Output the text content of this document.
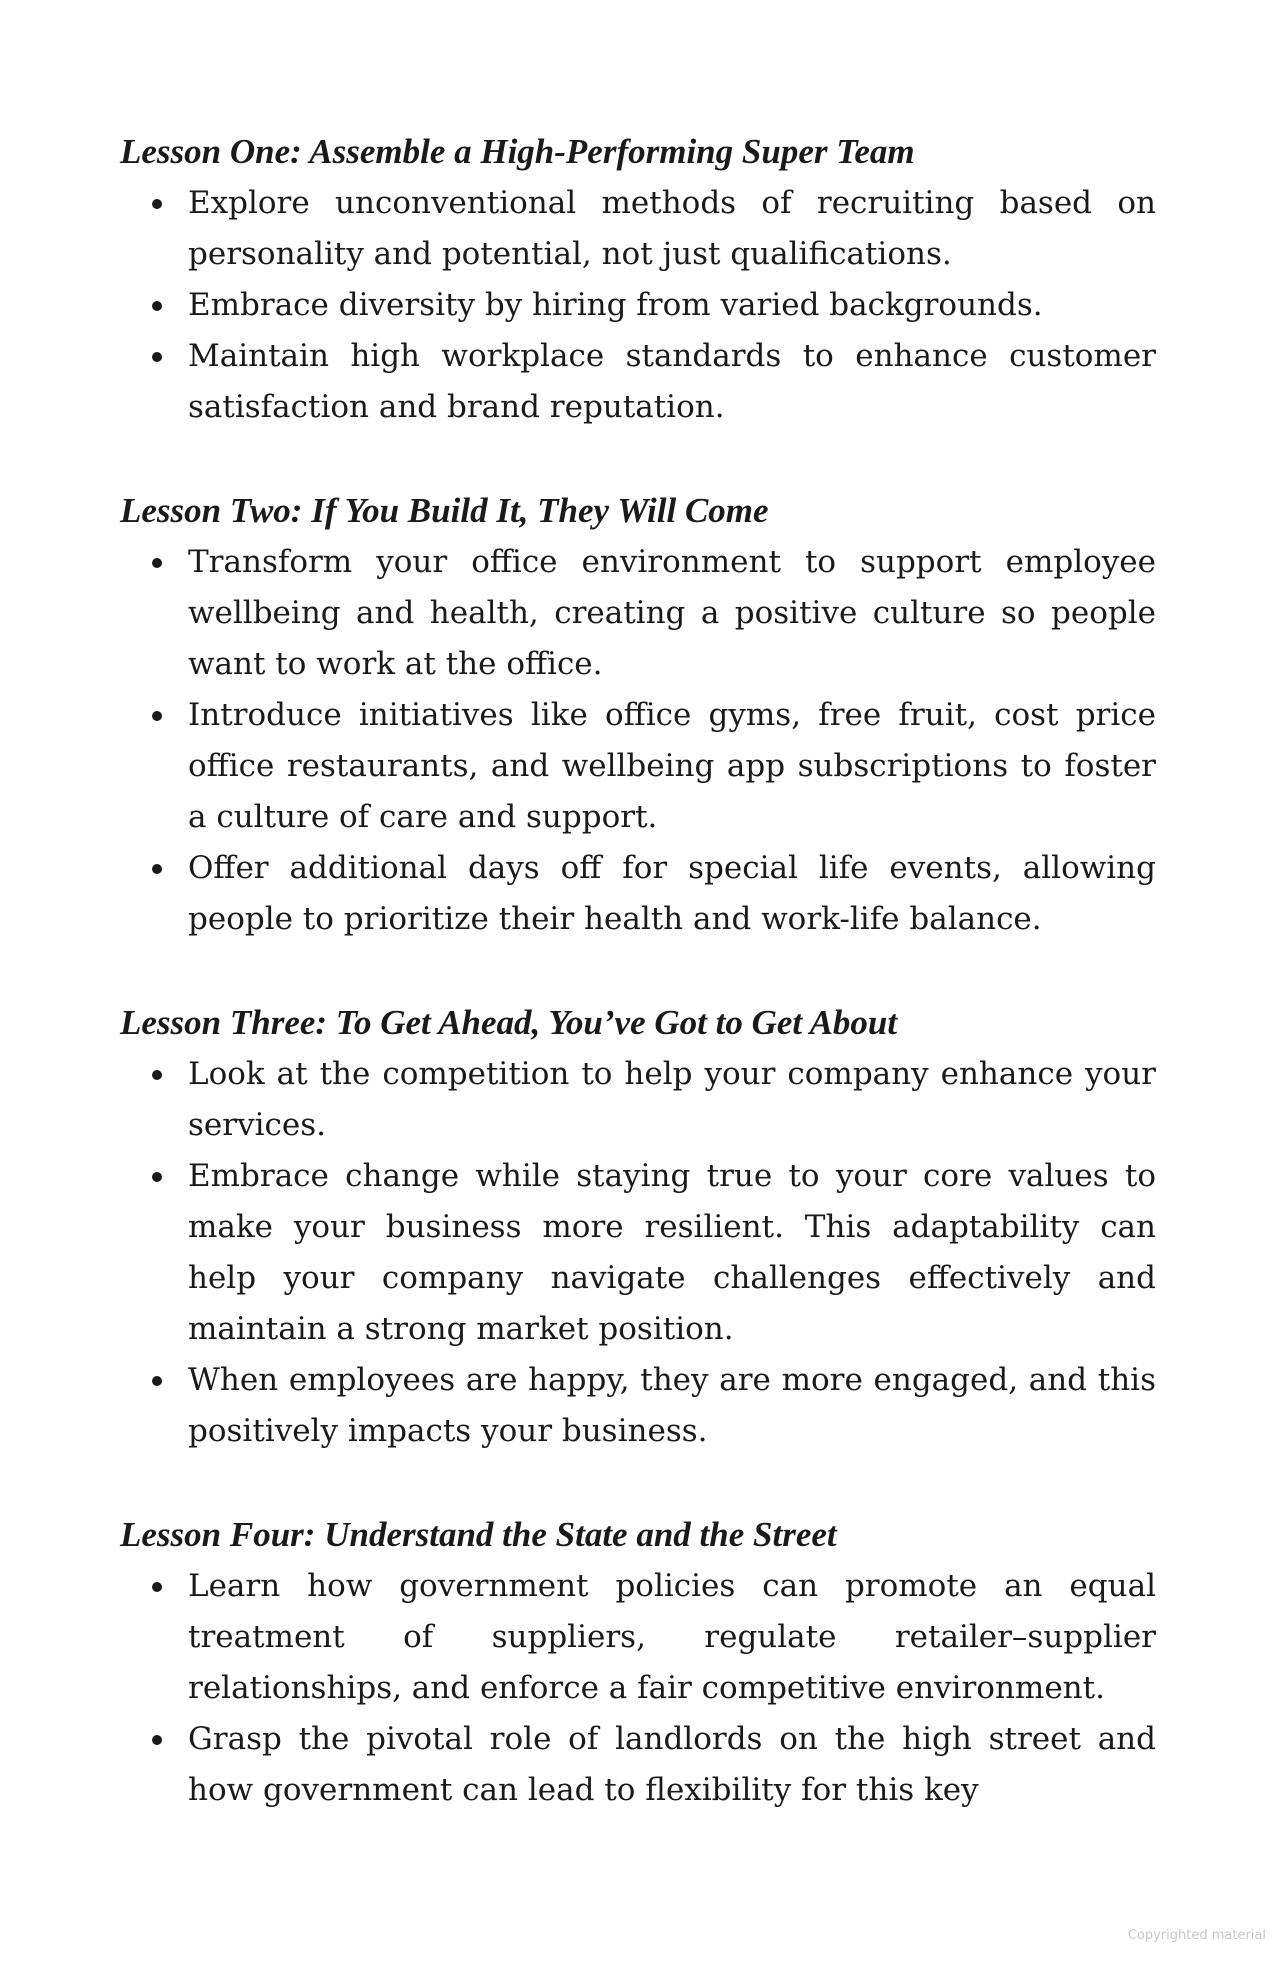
Lesson One: Assemble a High-Performing Super Team
Explore unconventional methods of recruiting based on personality and potential, not just qualifications.
Embrace diversity by hiring from varied backgrounds.
Maintain high workplace standards to enhance customer satisfaction and brand reputation.
Lesson Two: If You Build It, They Will Come
Transform your office environment to support employee wellbeing and health, creating a positive culture so people want to work at the office.
Introduce initiatives like office gyms, free fruit, cost price office restaurants, and wellbeing app subscriptions to foster a culture of care and support.
Offer additional days off for special life events, allowing people to prioritize their health and work-life balance.
Lesson Three: To Get Ahead, You’ve Got to Get About
Look at the competition to help your company enhance your services.
Embrace change while staying true to your core values to make your business more resilient. This adaptability can help your company navigate challenges effectively and maintain a strong market position.
When employees are happy, they are more engaged, and this positively impacts your business.
Lesson Four: Understand the State and the Street
Learn how government policies can promote an equal treatment of suppliers, regulate retailer–supplier relationships, and enforce a fair competitive environment.
Grasp the pivotal role of landlords on the high street and how government can lead to flexibility for this key
Copyrighted material
